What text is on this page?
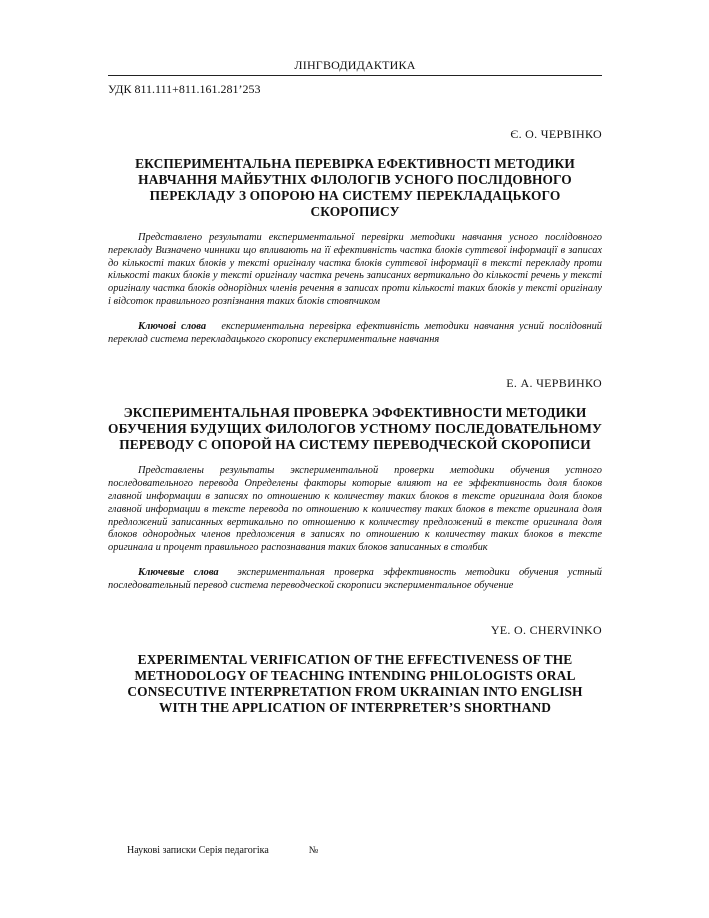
ЛІНГВОДИДАКТИКА
УДК 811.111+811.161.281’253
Є. О. ЧЕРВІНКО
ЕКСПЕРИМЕНТАЛЬНА ПЕРЕВІРКА ЕФЕКТИВНОСТІ МЕТОДИКИ НАВЧАННЯ МАЙБУТНІХ ФІЛОЛОГІВ УСНОГО ПОСЛІДОВНОГО ПЕРЕКЛАДУ З ОПОРОЮ НА СИСТЕМУ ПЕРЕКЛАДАЦЬКОГО СКОРОПИСУ
Представлено результати експериментальної перевірки методики навчання усного послідовного перекладу Визначено чинники що впливають на її ефективність частка блоків суттєвої інформації в записах до кількості таких блоків у тексті оригіналу частка блоків суттєвої інформації в тексті перекладу проти кількості таких блоків у тексті оригіналу частка речень записаних вертикально до кількості речень у тексті оригіналу частка блоків однорідних членів речення в записах проти кількості таких блоків у тексті оригіналу і відсоток правильного розпізнання таких блоків стовпчиком
Ключові слова експериментальна перевірка ефективність методики навчання усний послідовний переклад система перекладацького скоропису експериментальне навчання
Е. А. ЧЕРВИНКО
ЭКСПЕРИМЕНТАЛЬНАЯ ПРОВЕРКА ЭФФЕКТИВНОСТИ МЕТОДИКИ ОБУЧЕНИЯ БУДУЩИХ ФИЛОЛОГОВ УСТНОМУ ПОСЛЕДОВАТЕЛЬНОМУ ПЕРЕВОДУ С ОПОРОЙ НА СИСТЕМУ ПЕРЕВОДЧЕСКОЙ СКОРОПИСИ
Представлены результаты экспериментальной проверки методики обучения устного последовательного перевода Определены факторы которые влияют на ее эффективность доля блоков главной информации в записях по отношению к количеству таких блоков в тексте оригинала доля блоков главной информации в тексте перевода по отношению к количеству таких блоков в тексте оригинала доля предложений записанных вертикально по отношению к количеству предложений в тексте оригинала доля блоков однородных членов предложения в записях по отношению к количеству таких блоков в тексте оригинала и процент правильного распознавания таких блоков записанных в столбик
Ключевые слова экспериментальная проверка эффективность методики обучения устный последовательный перевод система переводческой скорописи экспериментальное обучение
YE. O. CHERVINKO
EXPERIMENTAL VERIFICATION OF THE EFFECTIVENESS OF THE METHODOLOGY OF TEACHING INTENDING PHILOLOGISTS ORAL CONSECUTIVE INTERPRETATION FROM UKRAINIAN INTO ENGLISH WITH THE APPLICATION OF INTERPRETER’S SHORTHAND
Наукові записки Серія педагогіка	№
